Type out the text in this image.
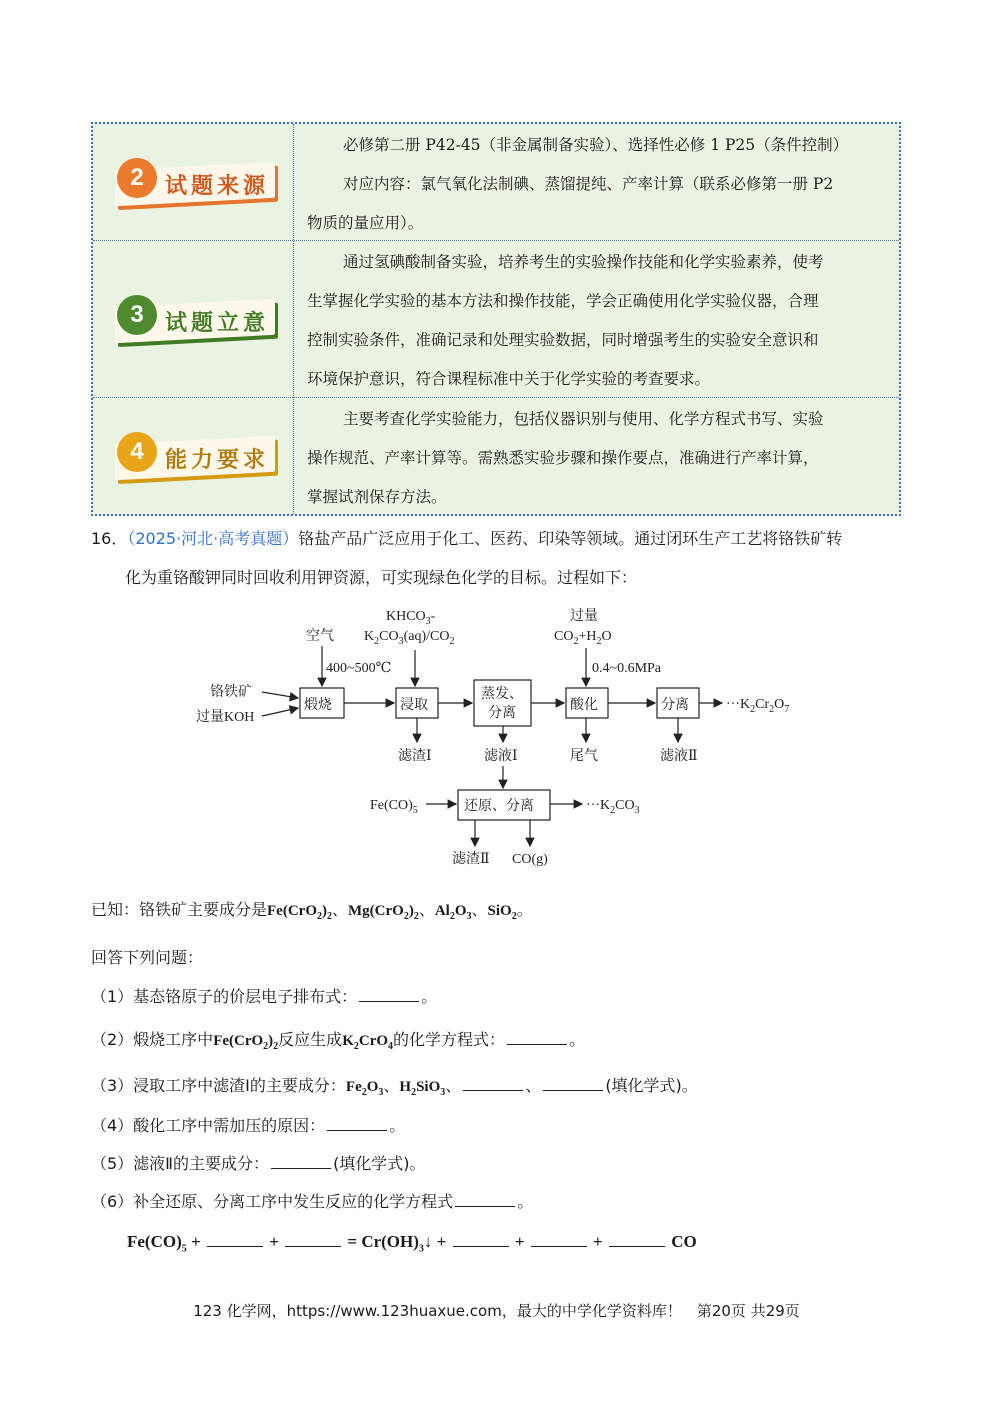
2 试题来源

必修第二册 P42-45（非金属制备实验）、选择性必修 1 P25（条件控制）

对应内容：氯气氧化法制碘、蒸馏提纯、产率计算（联系必修第一册 P2

物质的量应用）。

3 试题立意

通过氢碘酸制备实验，培养考生的实验操作技能和化学实验素养，使考

生掌握化学实验的基本方法和操作技能，学会正确使用化学实验仪器，合理

控制实验条件，准确记录和处理实验数据，同时增强考生的实验安全意识和

环境保护意识，符合课程标准中关于化学实验的考查要求。

4 能力要求

主要考查化学实验能力，包括仪器识别与使用、化学方程式书写、实验

操作规范、产率计算等。需熟悉实验步骤和操作要点，准确进行产率计算，

掌握试剂保存方法。

16．（2025·河北·高考真题）铬盐产品广泛应用于化工、医药、印染等领域。通过闭环生产工艺将铬铁矿转
化为重铬酸钾同时回收利用钾资源，可实现绿色化学的目标。过程如下：
铬铁矿
过量KOH
空气
400~500℃
煅烧
$KHCO_3-$
$K_2CO_3(aq)/CO_2$
浸取
滤渣Ⅰ
蒸发、
分离
滤液Ⅰ
过量
$CO_2+H_2O$
0.4~0.6MPa
酸化
尾气
分离
滤液Ⅱ
$\cdot\cdot\cdot K_2Cr_2O_7$
$Fe(CO)_5$	还原、分离	$\cdot\cdot\cdot K_2CO_3$
滤渣Ⅱ CO(g)
已知：铬铁矿主要成分是$Fe(CrO_2)_2$、$Mg(CrO_2)_2$、$Al_2O_3$、SiO$_2$。
回答下列问题：
（1）基态铬原子的价层电子排布式：	。
（2）煅烧工序中$Fe(CrO_2)_2$反应生成$K_2CrO_4$的化学方程式：	。
（3）浸取工序中滤渣Ⅰ的主要成分：$Fe_2O_3$、$H_2SiO_3$、	、	(填化学式)。
（4）酸化工序中需加压的原因：	。
（5）滤液Ⅱ的主要成分：	(填化学式)。
（6）补全还原、分离工序中发生反应的化学方程式	。
$Fe(CO)_5$ +	+	= $Cr(OH)_3↓$ +	+	+	CO
123 化学网，https://www.123huaxue.com，最大的中学化学资料库！　第20页 共29页
